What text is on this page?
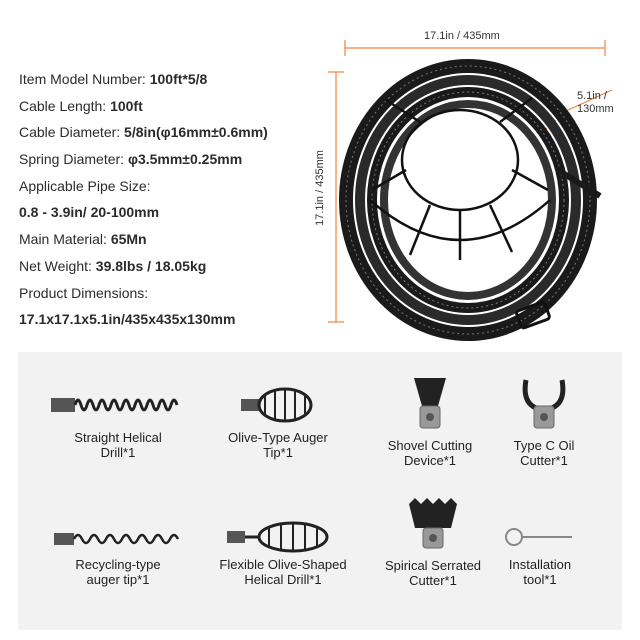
Item Model Number: 100ft*5/8
Cable Length: 100ft
Cable Diameter: 5/8in(φ16mm±0.6mm)
Spring Diameter: φ3.5mm±0.25mm
Applicable Pipe Size:
0.8 - 3.9in/ 20-100mm
Main Material: 65Mn
Net Weight: 39.8lbs / 18.05kg
Product Dimensions:
17.1x17.1x5.1in/435x435x130mm
17.1in / 435mm
17.1in / 435mm
5.1in /
130mm
Straight Helical
Drill*1
Olive-Type Auger
Tip*1	Shovel Cutting
Device*1
Type C Oil
Cutter*1
Recycling-type
auger tip*1
Flexible Olive-Shaped
Helical Drill*1
Spirical Serrated
Cutter*1
Installation
tool*1
